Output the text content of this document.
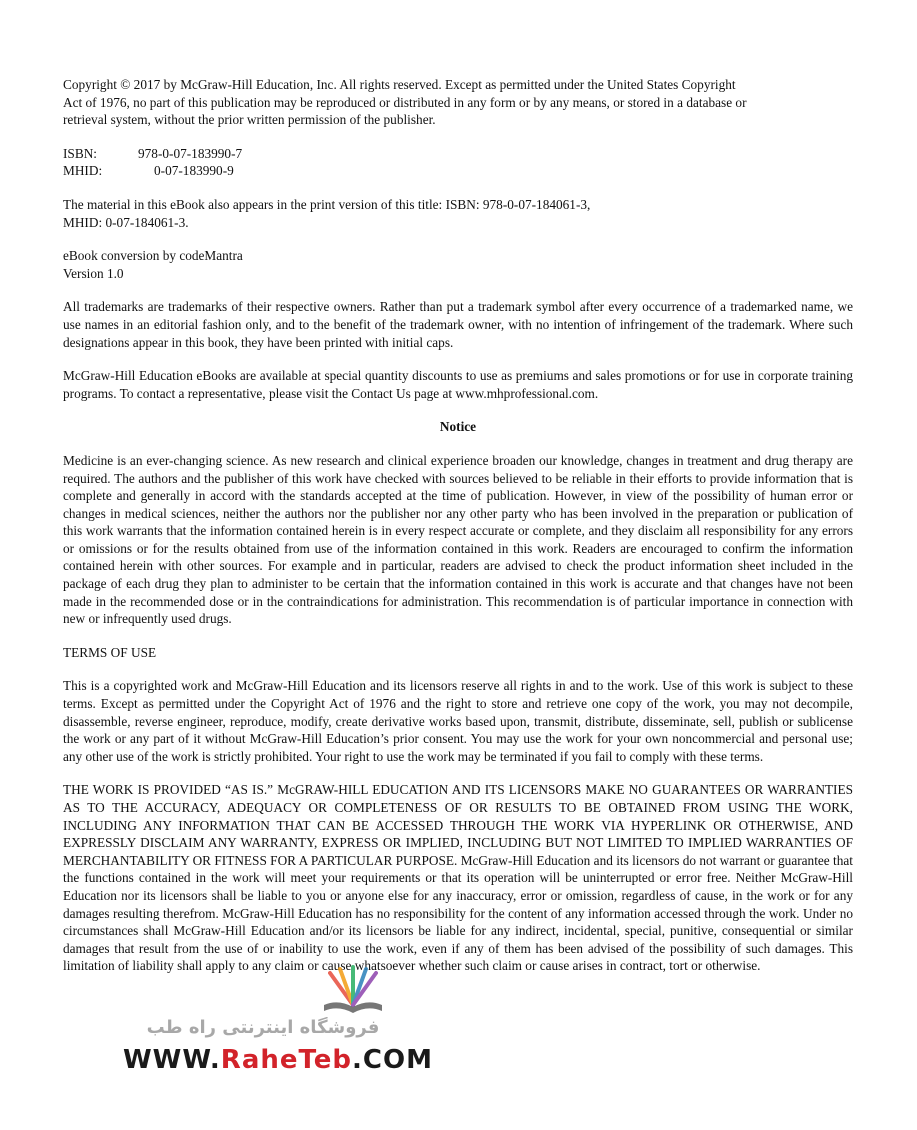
Copyright © 2017 by McGraw-Hill Education, Inc. All rights reserved. Except as permitted under the United States Copyright
Act of 1976, no part of this publication may be reproduced or distributed in any form or by any means, or stored in a database or
retrieval system, without the prior written permission of the publisher.

ISBN:	978-0-07-183990-7
MHID:	0-07-183990-9

The material in this eBook also appears in the print version of this title: ISBN: 978-0-07-184061-3,
MHID: 0-07-184061-3.

eBook conversion by codeMantra
Version 1.0

All trademarks are trademarks of their respective owners. Rather than put a trademark symbol after every occurrence of a trademarked name, we use names in an editorial fashion only, and to the benefit of the trademark owner, with no intention of infringement of the trademark. Where such designations appear in this book, they have been printed with initial caps.

McGraw-Hill Education eBooks are available at special quantity discounts to use as premiums and sales promotions or for use in corporate training programs. To contact a representative, please visit the Contact Us page at www.mhprofessional.com.

Notice

Medicine is an ever-changing science. As new research and clinical experience broaden our knowledge, changes in treatment and drug therapy are required. The authors and the publisher of this work have checked with sources believed to be reliable in their efforts to provide information that is complete and generally in accord with the standards accepted at the time of publication. However, in view of the possibility of human error or changes in medical sciences, neither the authors nor the publisher nor any other party who has been involved in the preparation or publication of this work warrants that the information contained herein is in every respect accurate or complete, and they disclaim all responsibility for any errors or omissions or for the results obtained from use of the information contained in this work. Readers are encouraged to confirm the information contained herein with other sources. For example and in particular, readers are advised to check the product information sheet included in the package of each drug they plan to administer to be certain that the information contained in this work is accurate and that changes have not been made in the recommended dose or in the contraindications for administration. This recommendation is of particular importance in connection with new or infrequently used drugs.

TERMS OF USE

This is a copyrighted work and McGraw-Hill Education and its licensors reserve all rights in and to the work. Use of this work is subject to these terms. Except as permitted under the Copyright Act of 1976 and the right to store and retrieve one copy of the work, you may not decompile, disassemble, reverse engineer, reproduce, modify, create derivative works based upon, transmit, distribute, disseminate, sell, publish or sublicense the work or any part of it without McGraw-Hill Education’s prior consent. You may use the work for your own noncommercial and personal use; any other use of the work is strictly prohibited. Your right to use the work may be terminated if you fail to comply with these terms.

THE WORK IS PROVIDED “AS IS.” McGRAW-HILL EDUCATION AND ITS LICENSORS MAKE NO GUARANTEES OR WARRANTIES AS TO THE ACCURACY, ADEQUACY OR COMPLETENESS OF OR RESULTS TO BE OBTAINED FROM USING THE WORK, INCLUDING ANY INFORMATION THAT CAN BE ACCESSED THROUGH THE WORK VIA HYPERLINK OR OTHERWISE, AND EXPRESSLY DISCLAIM ANY WARRANTY, EXPRESS OR IMPLIED, INCLUDING BUT NOT LIMITED TO IMPLIED WARRANTIES OF MERCHANTABILITY OR FITNESS FOR A PARTICULAR PURPOSE. McGraw-Hill Education and its licensors do not warrant or guarantee that the functions contained in the work will meet your requirements or that its operation will be uninterrupted or error free. Neither McGraw-Hill Education nor its licensors shall be liable to you or anyone else for any inaccuracy, error or omission, regardless of cause, in the work or for any damages resulting therefrom. McGraw-Hill Education has no responsibility for the content of any information accessed through the work. Under no circumstances shall McGraw-Hill Education and/or its licensors be liable for any indirect, incidental, special, punitive, consequential or similar damages that result from the use of or inability to use the work, even if any of them has been advised of the possibility of such damages. This limitation of liability shall apply to any claim or cause whatsoever whether such claim or cause arises in contract, tort or otherwise.

فروشگاه اینترنتی راه طب
WWW.RaheTeb.COM
